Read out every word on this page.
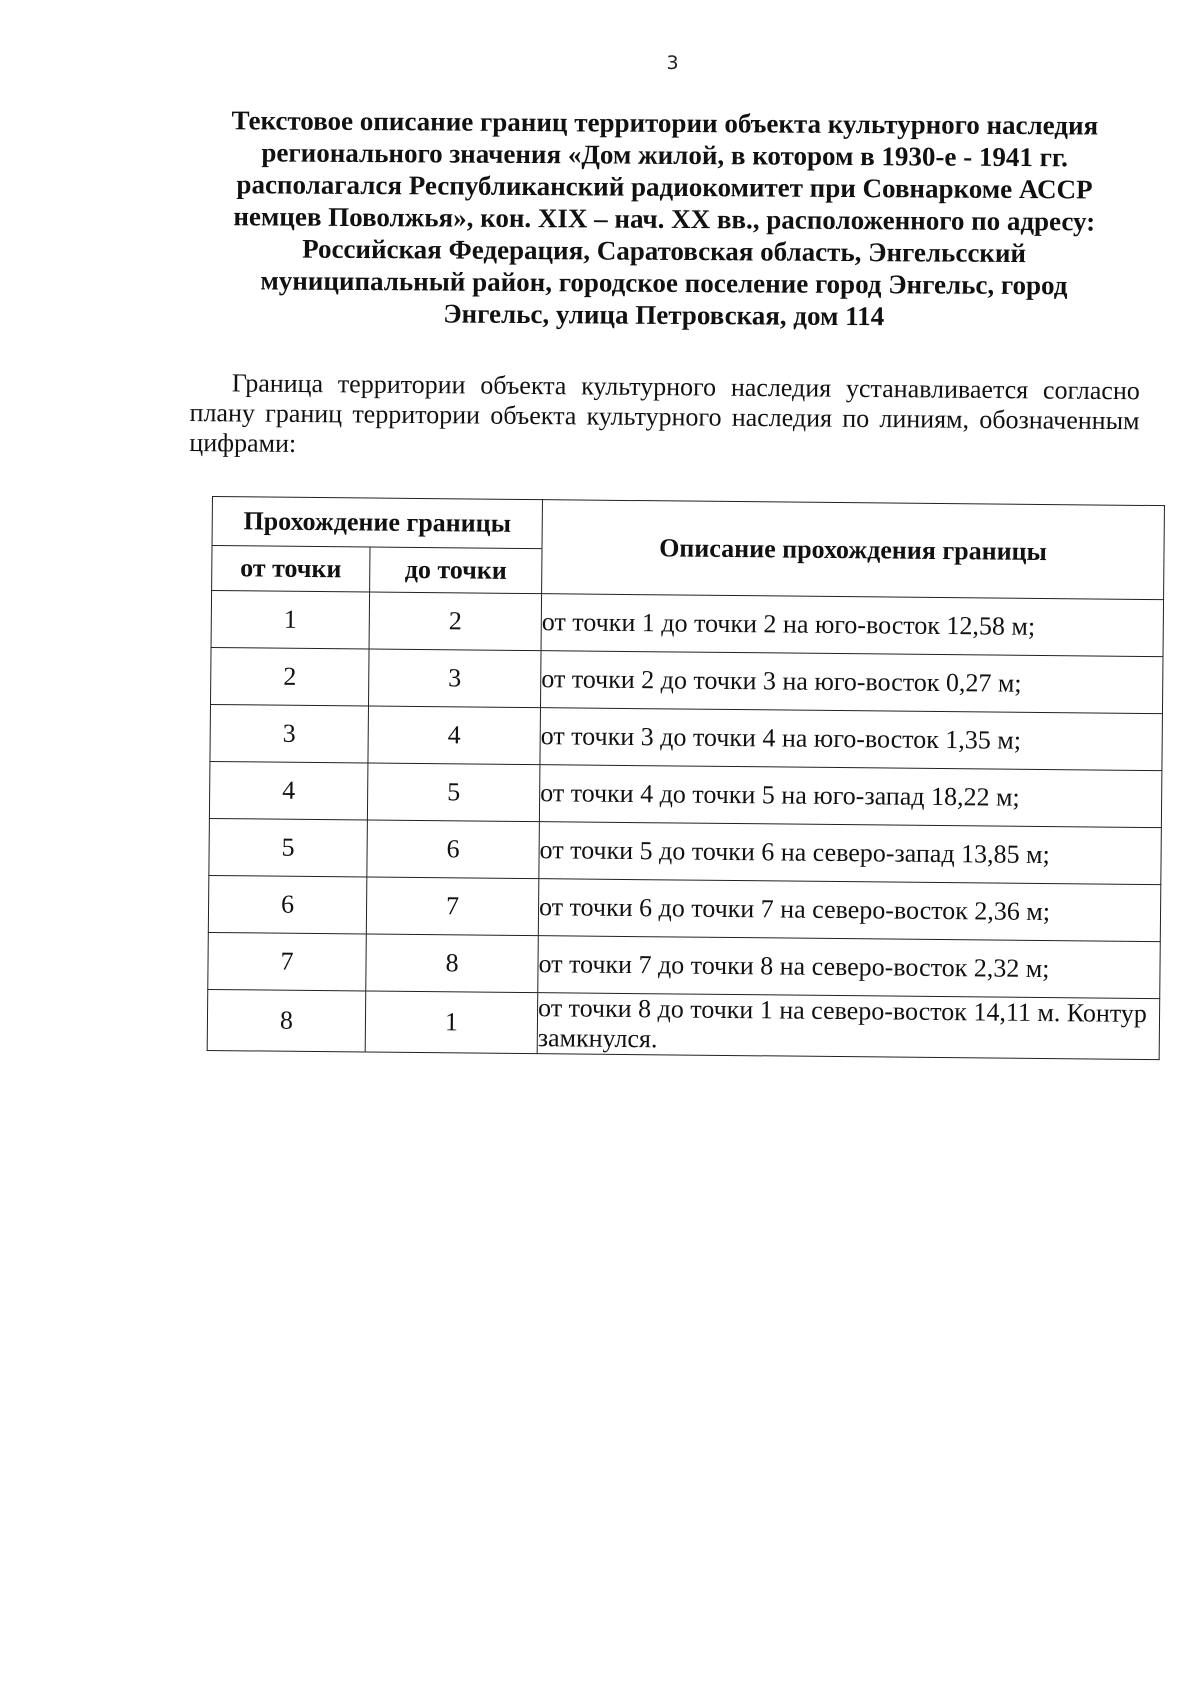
3
Текстовое описание границ территории объекта культурного наследия
регионального значения «Дом жилой, в котором в 1930-е - 1941 гг.
располагался Республиканский радиокомитет при Совнаркоме АССР
немцев Поволжья», кон. XIX – нач. XX вв., расположенного по адресу:
Российская Федерация, Саратовская область, Энгельсский
муниципальный район, городское поселение город Энгельс, город
Энгельс, улица Петровская, дом 114

Граница территории объекта культурного наследия устанавливается согласно плану границ территории объекта культурного наследия по линиям, обозначенным цифрами:

Прохождение границы		Описание прохождения границы
от точки	до точки	
1	2	от точки 1 до точки 2 на юго-восток 12,58 м;
2	3	от точки 2 до точки 3 на юго-восток 0,27 м;
3	4	от точки 3 до точки 4 на юго-восток 1,35 м;
4	5	от точки 4 до точки 5 на юго-запад 18,22 м;
5	6	от точки 5 до точки 6 на северо-запад 13,85 м;
6	7	от точки 6 до точки 7 на северо-восток 2,36 м;
7	8	от точки 7 до точки 8 на северо-восток 2,32 м;
8	1	от точки 8 до точки 1 на северо-восток 14,11 м. Контур замкнулся.
